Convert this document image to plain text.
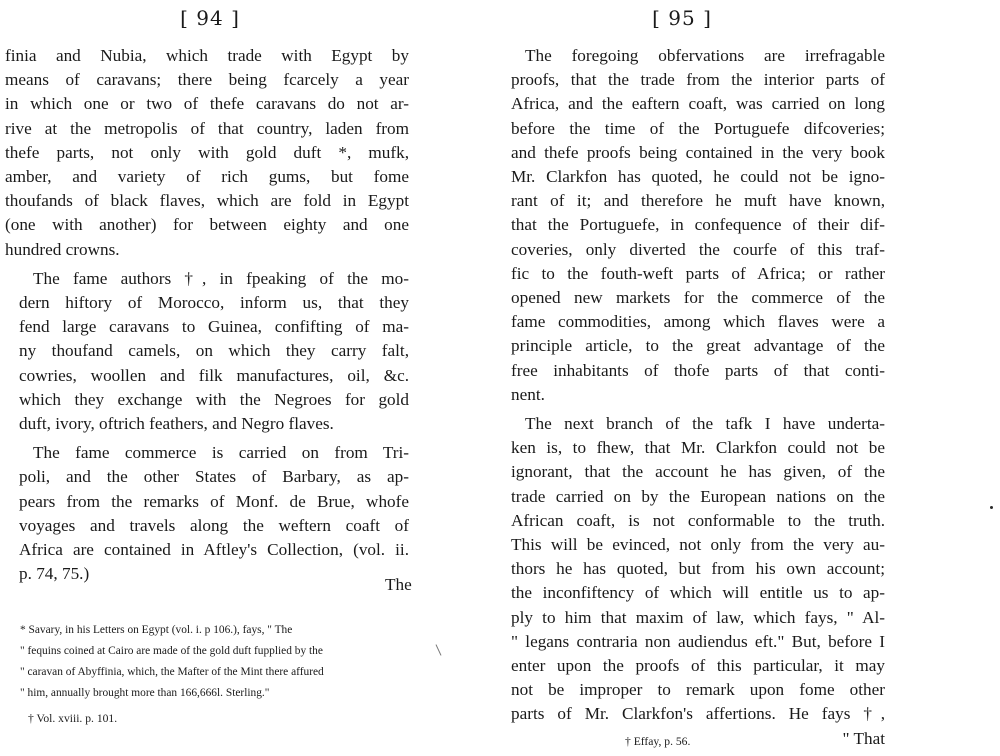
[ 94 ]

finia and Nubia, which trade with Egypt by
means of caravans; there being fcarcely a year
in which one or two of thefe caravans do not ar-
rive at the metropolis of that country, laden from
thefe parts, not only with gold duft *, mufk,
amber, and variety of rich gums, but fome
thoufands of black flaves, which are fold in Egypt
(one with another) for between eighty and one
hundred crowns.

The fame authors †, in fpeaking of the mo-
dern hiftory of Morocco, inform us, that they
fend large caravans to Guinea, confifting of ma-
ny thoufand camels, on which they carry falt,
cowries, woollen and filk manufactures, oil, &c.
which they exchange with the Negroes for gold
duft, ivory, oftrich feathers, and Negro flaves.

The fame commerce is carried on from Tri-
poli, and the other States of Barbary, as ap-
pears from the remarks of Monf. de Brue, whofe
voyages and travels along the weftern coaft of
Africa are contained in Aftley's Collection, (vol. ii.
p. 74, 75.)

The
* Savary, in his Letters on Egypt (vol. i. p 106.), fays, " The
" fequins coined at Cairo are made of the gold duft fupplied by the
" caravan of Abyffinia, which, the Mafter of the Mint there affured
" him, annually brought more than 166,666l. Sterling."
† Vol. xviii. p. 101.
[ 95 ]

The foregoing obfervations are irrefragable
proofs, that the trade from the interior parts of
Africa, and the eaftern coaft, was carried on long
before the time of the Portuguefe difcoveries;
and thefe proofs being contained in the very book
Mr. Clarkfon has quoted, he could not be igno-
rant of it; and therefore he muft have known,
that the Portuguefe, in confequence of their dif-
coveries, only diverted the courfe of this traf-
fic to the fouth-weft parts of Africa; or rather
opened new markets for the commerce of the
fame commodities, among which flaves were a
principle article, to the great advantage of the
free inhabitants of thofe parts of that conti-
nent.

The next branch of the tafk I have underta-
ken is, to fhew, that Mr. Clarkfon could not be
ignorant, that the account he has given, of the
trade carried on by the European nations on the
African coaft, is not conformable to the truth.
This will be evinced, not only from the very au-
thors he has quoted, but from his own account;
the inconfiftency of which will entitle us to ap-
ply to him that maxim of law, which fays, " Al-
" legans contraria non audiendus eft." But, before I
enter upon the proofs of this particular, it may
not be improper to remark upon fome other
parts of Mr. Clarkfon's affertions. He fays †,
" That

† Effay, p. 56.
